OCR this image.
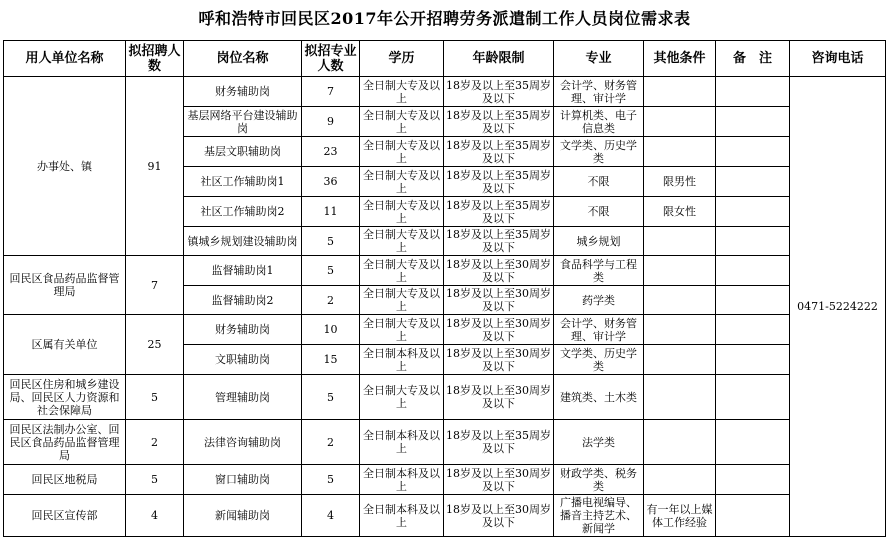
呼和浩特市回民区2017年公开招聘劳务派遣制工作人员岗位需求表
用人单位名称	拟招聘人数	岗位名称	拟招专业人数	学历	年龄限制	专业	其他条件	备　注	咨询电话
办事处、镇	91	财务辅助岗	7	全日制大专及以上	18岁及以上至35周岁及以下	会计学、财务管理、审计学			0471-5224222
		基层网络平台建设辅助岗	9	全日制大专及以上	18岁及以上至35周岁及以下	计算机类、电子信息类			
		基层文职辅助岗	23	全日制大专及以上	18岁及以上至35周岁及以下	文学类、历史学类			
		社区工作辅助岗1	36	全日制大专及以上	18岁及以上至35周岁及以下	不限	限男性		
		社区工作辅助岗2	11	全日制大专及以上	18岁及以上至35周岁及以下	不限	限女性		
		镇城乡规划建设辅助岗	5	全日制大专及以上	18岁及以上至35周岁及以下	城乡规划			
回民区食品药品监督管理局	7	监督辅助岗1	5	全日制大专及以上	18岁及以上至30周岁及以下	食品科学与工程类			
		监督辅助岗2	2	全日制大专及以上	18岁及以上至30周岁及以下	药学类			
区属有关单位	25	财务辅助岗	10	全日制大专及以上	18岁及以上至30周岁及以下	会计学、财务管理、审计学			
		文职辅助岗	15	全日制本科及以上	18岁及以上至30周岁及以下	文学类、历史学类			
回民区住房和城乡建设局、回民区人力资源和社会保障局	5	管理辅助岗	5	全日制大专及以上	18岁及以上至30周岁及以下	建筑类、土木类			
回民区法制办公室、回民区食品药品监督管理局	2	法律咨询辅助岗	2	全日制本科及以上	18岁及以上至35周岁及以下	法学类			
回民区地税局	5	窗口辅助岗	5	全日制本科及以上	18岁及以上至30周岁及以下	财政学类、税务类			
回民区宣传部	4	新闻辅助岗	4	全日制本科及以上	18岁及以上至30周岁及以下	广播电视编导、播音主持艺术、新闻学	有一年以上媒体工作经验		
